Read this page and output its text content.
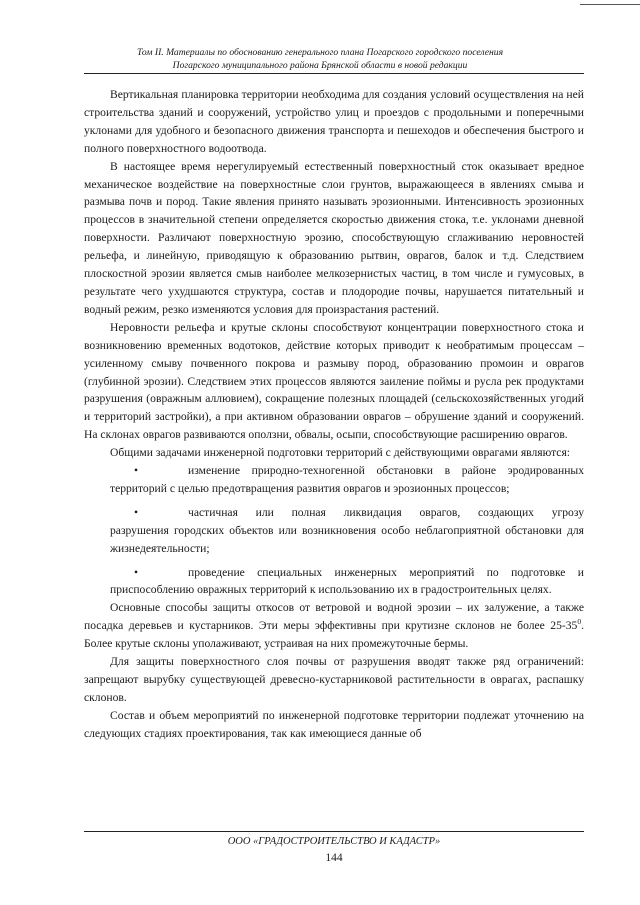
Том II. Материалы по обоснованию генерального плана Погарского городского поселения
Погарского муниципального района Брянской области в новой редакции

Вертикальная планировка территории необходима для создания условий осуществления на ней строительства зданий и сооружений, устройство улиц и проездов с продольными и поперечными уклонами для удобного и безопасного движения транспорта и пешеходов и обеспечения быстрого и полного поверхностного водоотвода.

В настоящее время нерегулируемый естественный поверхностный сток оказывает вредное механическое воздействие на поверхностные слои грунтов, выражающееся в явлениях смыва и размыва почв и пород. Такие явления принято называть эрозионными. Интенсивность эрозионных процессов в значительной степени определяется скоростью движения стока, т.е. уклонами дневной поверхности. Различают поверхностную эрозию, способствующую сглаживанию неровностей рельефа, и линейную, приводящую к образованию рытвин, оврагов, балок и т.д. Следствием плоскостной эрозии является смыв наиболее мелкозернистых частиц, в том числе и гумусовых, в результате чего ухудшаются структура, состав и плодородие почвы, нарушается питательный и водный режим, резко изменяются условия для произрастания растений.

Неровности рельефа и крутые склоны способствуют концентрации поверхностного стока и возникновению временных водотоков, действие которых приводит к необратимым процессам – усиленному смыву почвенного покрова и размыву пород, образованию промоин и оврагов (глубинной эрозии). Следствием этих процессов являются заиление поймы и русла рек продуктами разрушения (овражным аллювием), сокращение полезных площадей (сельскохозяйственных угодий и территорий застройки), а при активном образовании оврагов – обрушение зданий и сооружений. На склонах оврагов развиваются оползни, обвалы, осыпи, способствующие расширению оврагов.

Общими задачами инженерной подготовки территорий с действующими оврагами являются:

•	изменение природно-техногенной обстановки в районе эродированных

территорий с целью предотвращения развития оврагов и эрозионных процессов;

•	частичная или полная ликвидация оврагов, создающих угрозу

разрушения городских объектов или возникновения особо неблагоприятной обстановки для жизнедеятельности;

•	проведение специальных инженерных мероприятий по подготовке и

приспособлению овражных территорий к использованию их в градостроительных целях.

Основные способы защиты откосов от ветровой и водной эрозии – их залужение, а также посадка деревьев и кустарников. Эти меры эффективны при крутизне склонов не более $25-35^0$. Более крутые склоны уполаживают, устраивая на них промежуточные бермы.

Для защиты поверхностного слоя почвы от разрушения вводят также ряд ограничений: запрещают вырубку существующей древесно-кустарниковой растительности в оврагах, распашку склонов.

Состав и объем мероприятий по инженерной подготовке территории подлежат уточнению на следующих стадиях проектирования, так как имеющиеся данные об

ООО «ГРАДОСТРОИТЕЛЬСТВО И КАДАСТР»
144
